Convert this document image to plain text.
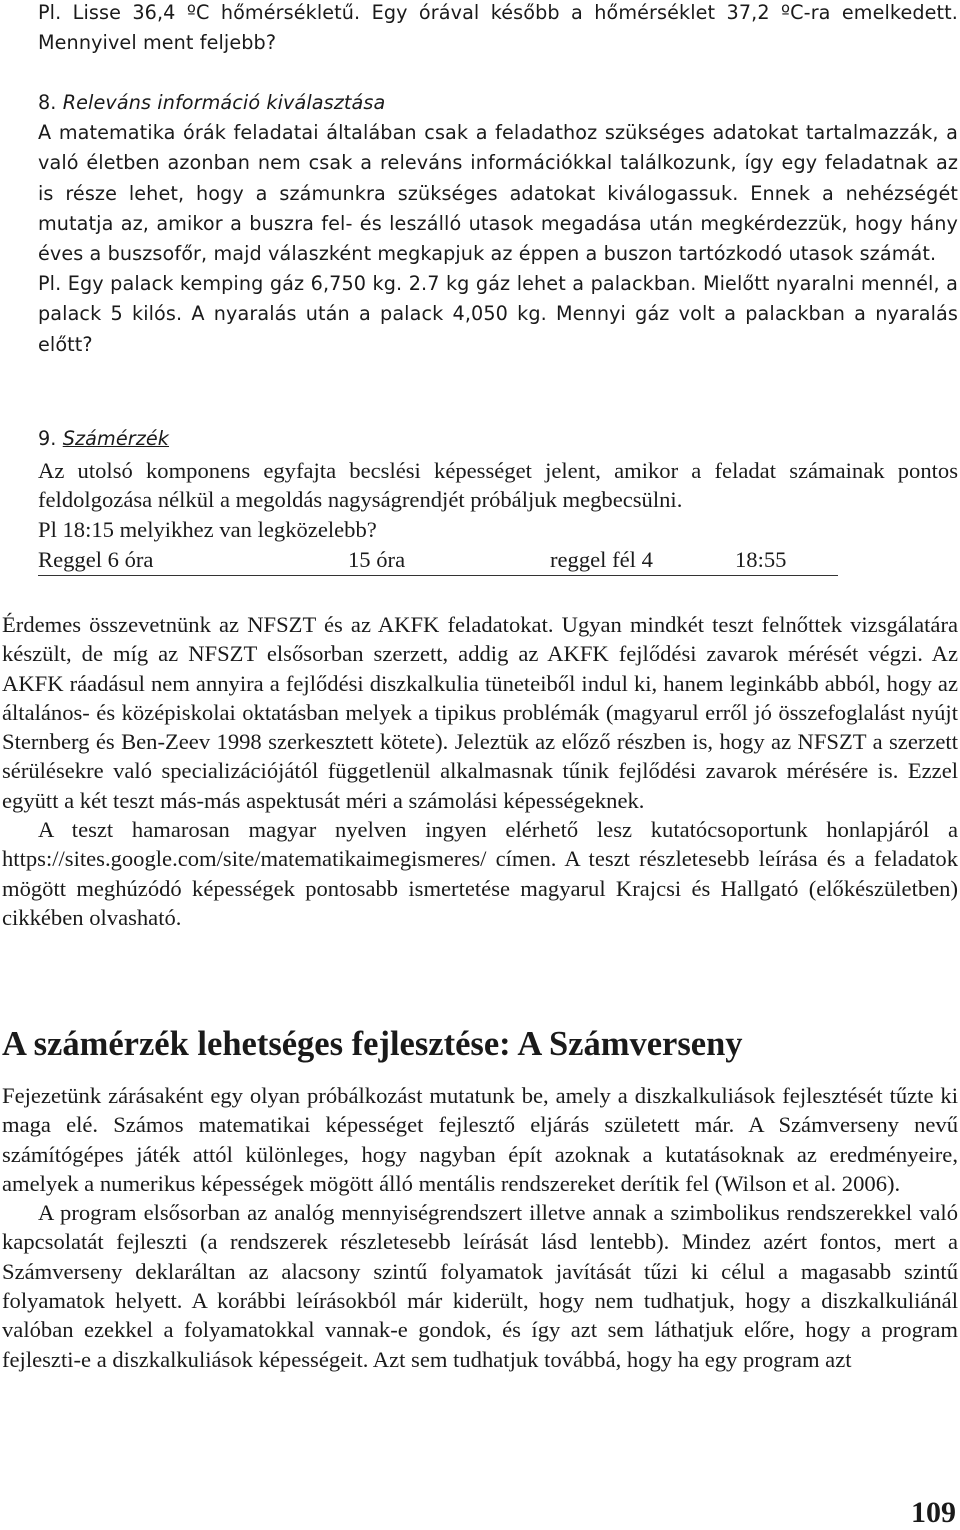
Pl. Lisse 36,4 ºC hőmérsékletű. Egy órával később a hőmérséklet 37,2 ºC-ra emelkedett. Mennyivel ment feljebb?

8. Releváns információ kiválasztása
A matematika órák feladatai általában csak a feladathoz szükséges adatokat tartalmazzák, a való életben azonban nem csak a releváns információkkal találkozunk, így egy feladatnak az is része lehet, hogy a számunkra szükséges adatokat kiválogassuk. Ennek a nehézségét mutatja az, amikor a buszra fel- és leszálló utasok megadása után megkérdezzük, hogy hány éves a buszsofőr, majd válaszként megkapjuk az éppen a buszon tartózkodó utasok számát.
Pl. Egy palack kemping gáz 6,750 kg. 2.7 kg gáz lehet a palackban. Mielőtt nyaralni mennél, a palack 5 kilós. A nyaralás után a palack 4,050 kg. Mennyi gáz volt a palackban a nyaralás előtt?
9. Számérzék
Az utolsó komponens egyfajta becslési képességet jelent, amikor a feladat számainak pontos feldolgozása nélkül a megoldás nagyságrendjét próbáljuk megbecsülni.
Pl 18:15 melyikhez van legközelebb?
Reggel 6 óra	15 óra	reggel fél 4	18:55
Érdemes összevetnünk az NFSZT és az AKFK feladatokat. Ugyan mindkét teszt felnőttek vizsgálatára készült, de míg az NFSZT elsősorban szerzett, addig az AKFK fejlődési zavarok mérését végzi. Az AKFK ráadásul nem annyira a fejlődési diszkalkulia tüneteiből indul ki, hanem leginkább abból, hogy az általános- és középiskolai oktatásban melyek a tipikus problémák (magyarul erről jó összefoglalást nyújt Sternberg és Ben-Zeev 1998 szerkesztett kötete). Jeleztük az előző részben is, hogy az NFSZT a szerzett sérülésekre való specializációjától függetlenül alkalmasnak tűnik fejlődési zavarok mérésére is. Ezzel együtt a két teszt más-más aspektusát méri a számolási képességeknek.
A teszt hamarosan magyar nyelven ingyen elérhető lesz kutatócsoportunk honlapjáról a https://sites.google.com/site/matematikaimegismeres/ címen. A teszt részletesebb leírása és a feladatok mögött meghúzódó képességek pontosabb ismertetése magyarul Krajcsi és Hallgató (előkészületben) cikkében olvasható.
A számérzék lehetséges fejlesztése: A Számverseny
Fejezetünk zárásaként egy olyan próbálkozást mutatunk be, amely a diszkalkuliások fejlesztését tűzte ki maga elé. Számos matematikai képességet fejlesztő eljárás született már. A Számverseny nevű számítógépes játék attól különleges, hogy nagyban épít azoknak a kutatásoknak az eredményeire, amelyek a numerikus képességek mögött álló mentális rendszereket derítik fel (Wilson et al. 2006).
A program elsősorban az analóg mennyiségrendszert illetve annak a szimbolikus rendszerekkel való kapcsolatát fejleszti (a rendszerek részletesebb leírását lásd lentebb). Mindez azért fontos, mert a Számverseny deklaráltan az alacsony szintű folyamatok javítását tűzi ki célul a magasabb szintű folyamatok helyett. A korábbi leírásokból már kiderült, hogy nem tudhatjuk, hogy a diszkalkuliánál valóban ezekkel a folyamatokkal vannak-e gondok, és így azt sem láthatjuk előre, hogy a program fejleszti-e a diszkalkuliások képességeit. Azt sem tudhatjuk továbbá, hogy ha egy program azt
109
